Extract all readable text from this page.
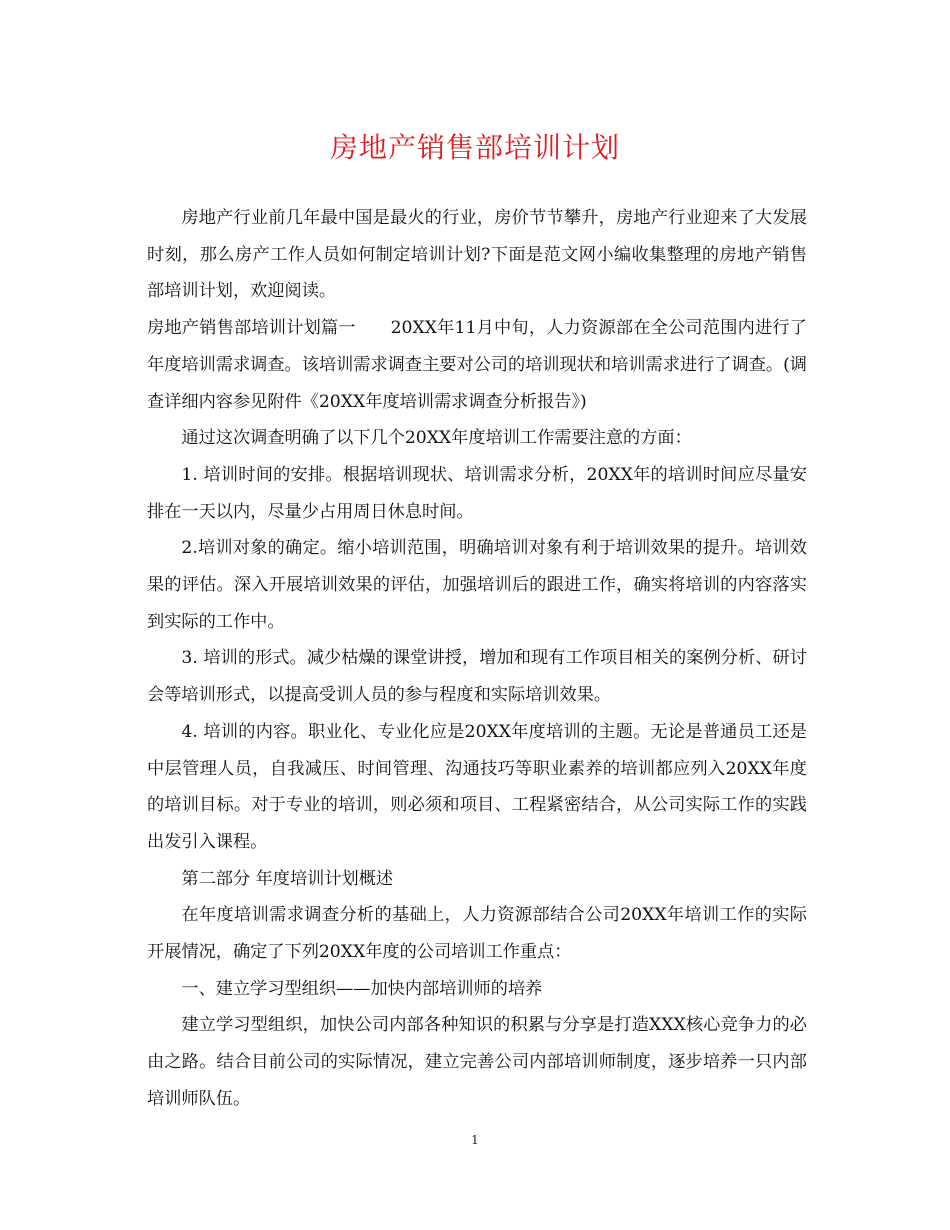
房地产销售部培训计划

房地产行业前几年最中国是最火的行业，房价节节攀升，房地产行业迎来了大发展时刻，那么房产工作人员如何制定培训计划?下面是范文网小编收集整理的房地产销售部培训计划，欢迎阅读。

房地产销售部培训计划篇一　　20XX年11月中旬，人力资源部在全公司范围内进行了年度培训需求调查。该培训需求调查主要对公司的培训现状和培训需求进行了调查。(调查详细内容参见附件《20XX年度培训需求调查分析报告》)

通过这次调查明确了以下几个20XX年度培训工作需要注意的方面：

1. 培训时间的安排。根据培训现状、培训需求分析，20XX年的培训时间应尽量安排在一天以内，尽量少占用周日休息时间。

2.培训对象的确定。缩小培训范围，明确培训对象有利于培训效果的提升。培训效果的评估。深入开展培训效果的评估，加强培训后的跟进工作，确实将培训的内容落实到实际的工作中。

3. 培训的形式。减少枯燥的课堂讲授，增加和现有工作项目相关的案例分析、研讨会等培训形式，以提高受训人员的参与程度和实际培训效果。

4. 培训的内容。职业化、专业化应是20XX年度培训的主题。无论是普通员工还是中层管理人员，自我减压、时间管理、沟通技巧等职业素养的培训都应列入20XX年度的培训目标。对于专业的培训，则必须和项目、工程紧密结合，从公司实际工作的实践出发引入课程。

第二部分 年度培训计划概述

在年度培训需求调查分析的基础上，人力资源部结合公司20XX年培训工作的实际开展情况，确定了下列20XX年度的公司培训工作重点：

一、建立学习型组织——加快内部培训师的培养

建立学习型组织，加快公司内部各种知识的积累与分享是打造XXX核心竞争力的必由之路。结合目前公司的实际情况，建立完善公司内部培训师制度，逐步培养一只内部培训师队伍。

1
